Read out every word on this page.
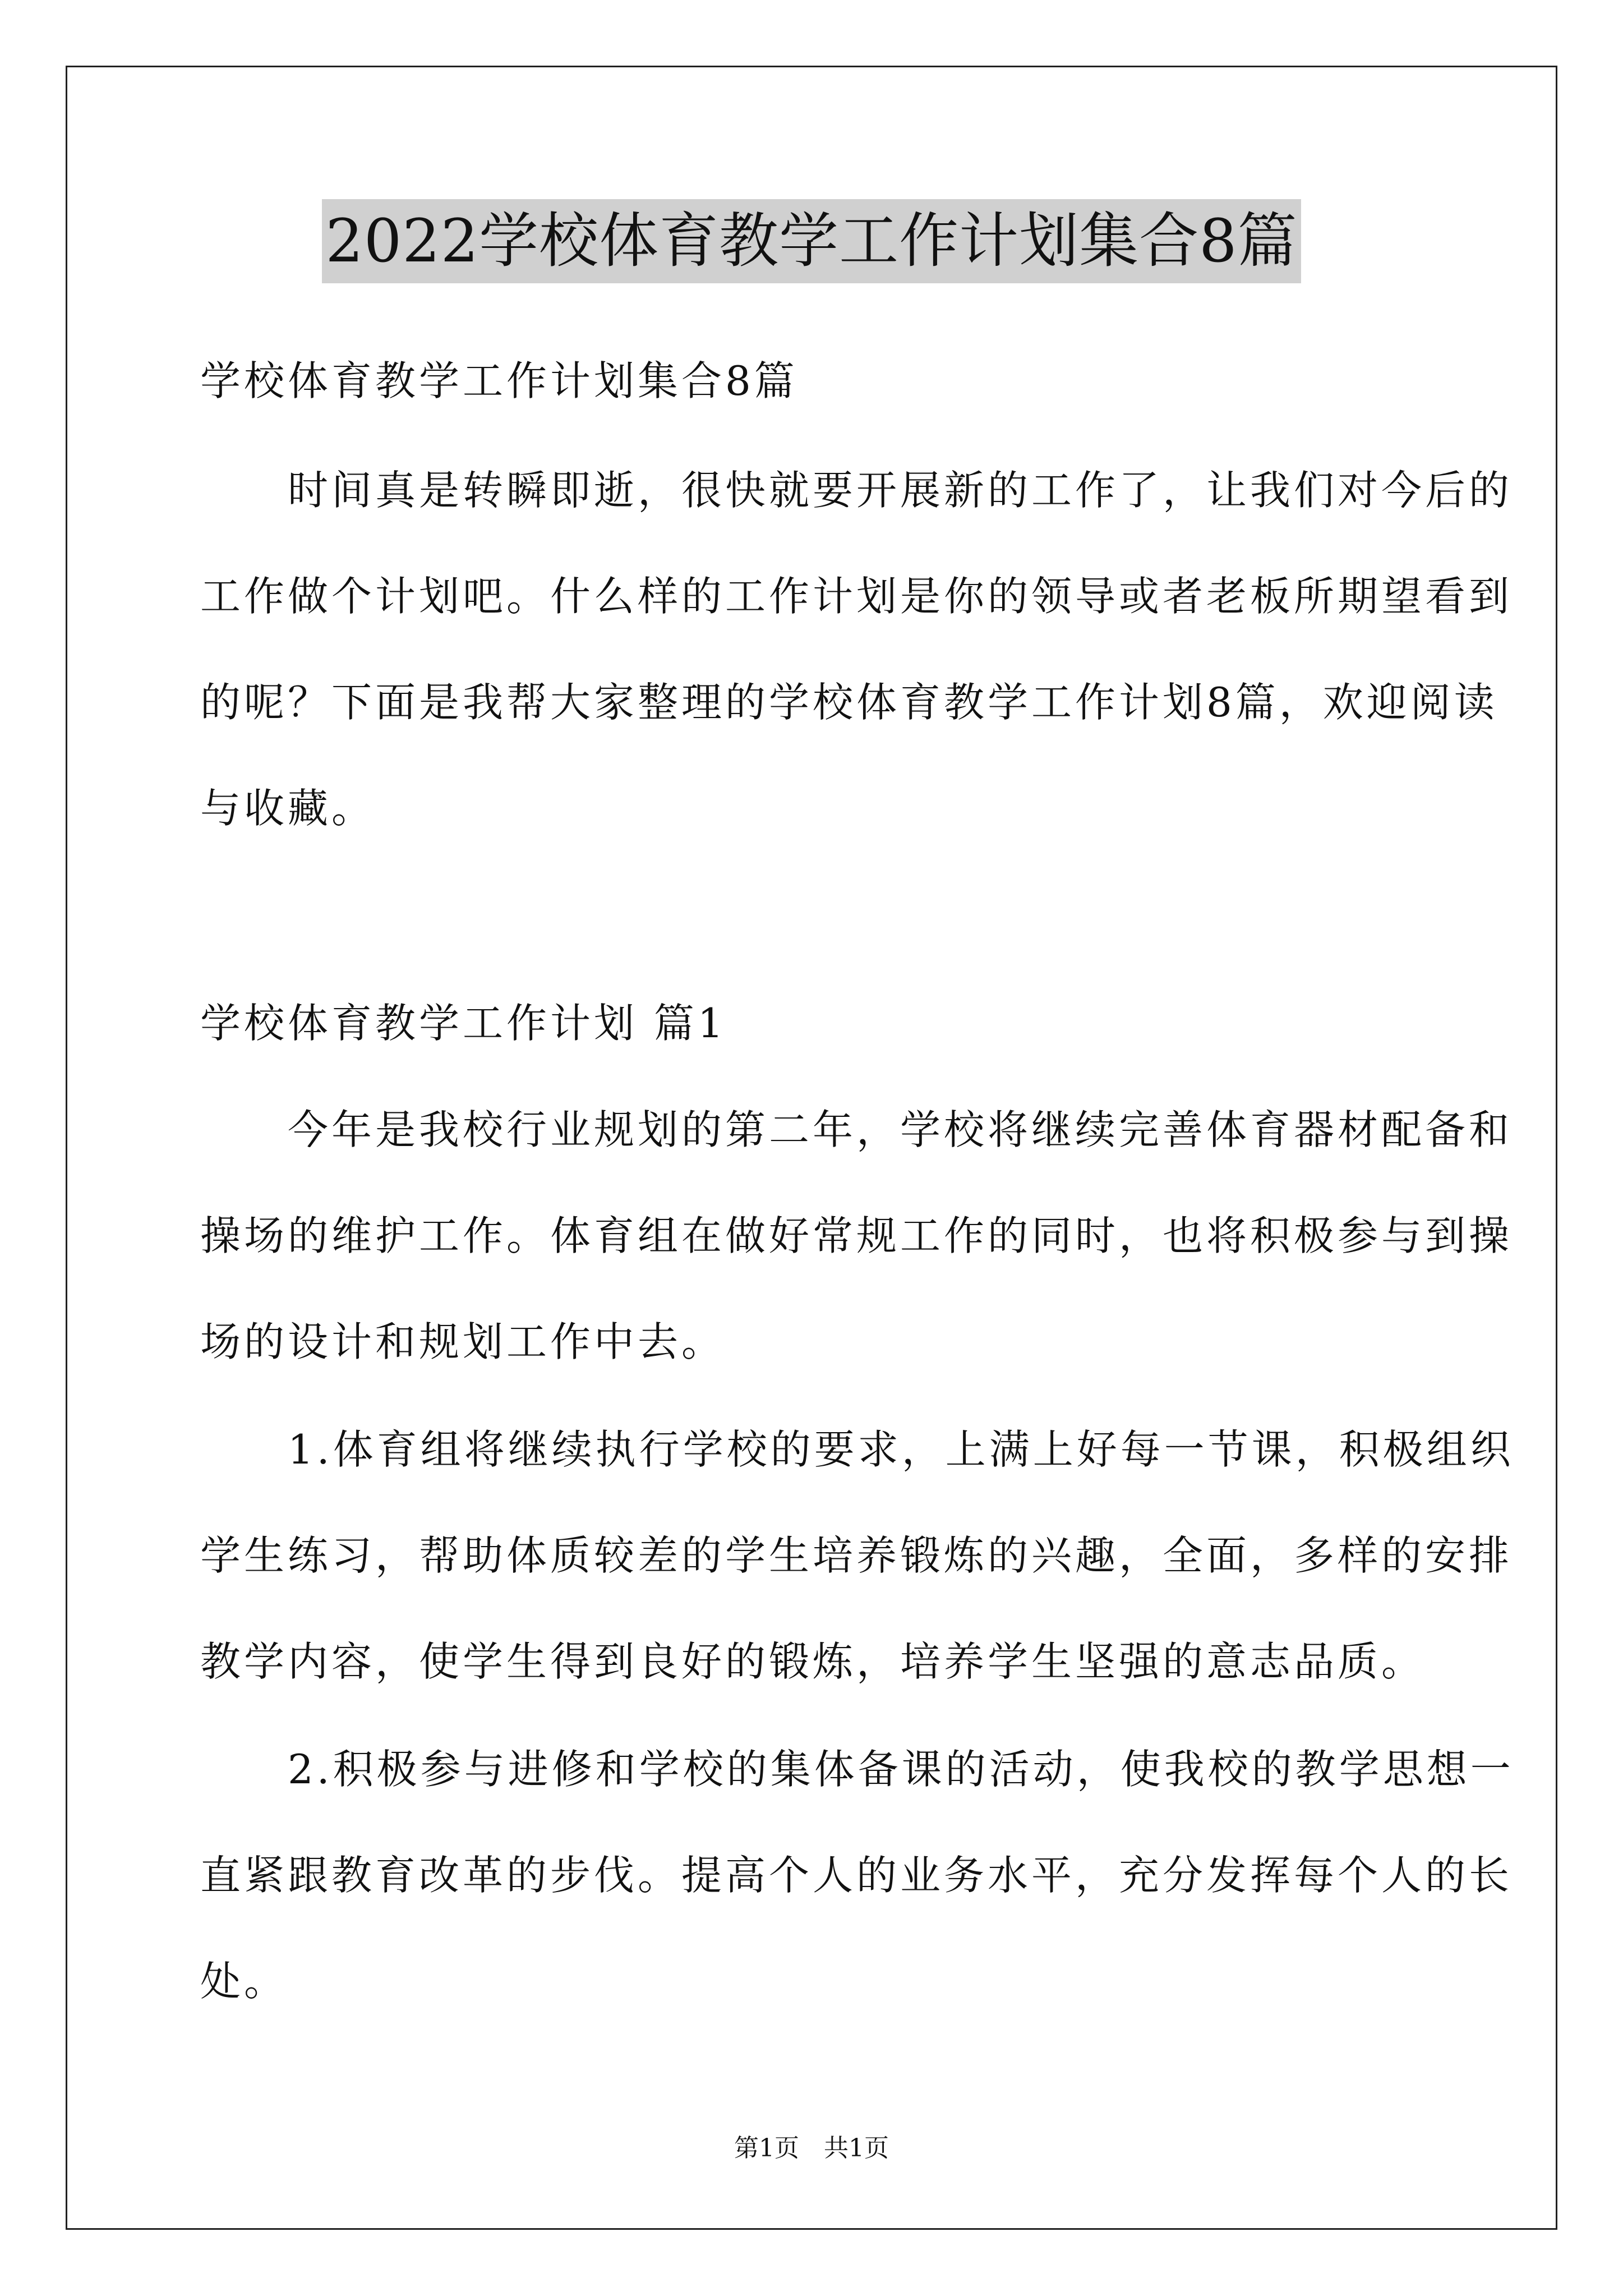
2022学校体育教学工作计划集合8篇
学校体育教学工作计划集合8篇
　　时间真是转瞬即逝，很快就要开展新的工作了，让我们对今后的
工作做个计划吧。什么样的工作计划是你的领导或者老板所期望看到
的呢？下面是我帮大家整理的学校体育教学工作计划8篇，欢迎阅读
与收藏。
学校体育教学工作计划 篇1
　　今年是我校行业规划的第二年，学校将继续完善体育器材配备和
操场的维护工作。体育组在做好常规工作的同时，也将积极参与到操
场的设计和规划工作中去。
　　1.体育组将继续执行学校的要求，上满上好每一节课，积极组织
学生练习，帮助体质较差的学生培养锻炼的兴趣，全面，多样的安排
教学内容，使学生得到良好的锻炼，培养学生坚强的意志品质。
　　2.积极参与进修和学校的集体备课的活动，使我校的教学思想一
直紧跟教育改革的步伐。提高个人的业务水平，充分发挥每个人的长
处。
第1页　共1页
